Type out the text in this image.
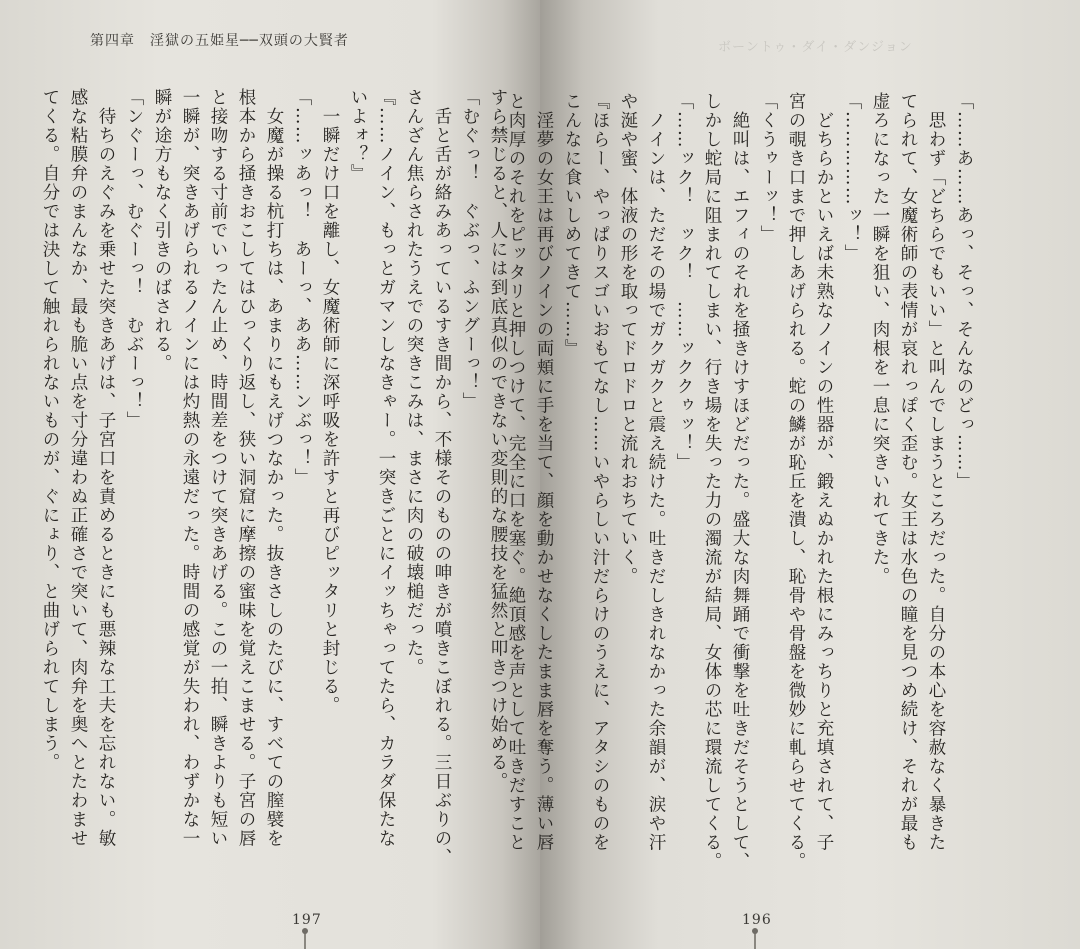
第四章　淫獄の五姫星──双頭の大賢者	ボーントゥ・ダイ・ダンジョン

すら禁じると、人には到底真似のできない変則的な腰技を猛然と叩きつけ始める。

「むぐっ！　ぐぶっ、ふングーっ！」

　舌と舌が絡みあっているすき間から、不様そのものの呻きが噴きこぼれる。三日ぶりの、

さんざん焦らされたうえでの突きこみは、まさに肉の破壊槌だった。

『……ノイン、もっとガマンしなきゃー。一突きごとにイッちゃってたら、カラダ保たな

いよォ？』

　一瞬だけ口を離し、女魔術師に深呼吸を許すと再びピッタリと封じる。

「……ッあっ！　あーっ、ああ……ンぶっ！」

　女魔が操る杭打ちは、あまりにもえげつなかった。抜きさしのたびに、すべての膣襞を

根本から掻きおこしてはひっくり返し、狭い洞窟に摩擦の蜜味を覚えこませる。子宮の唇

と接吻する寸前でいったん止め、時間差をつけて突きあげる。この一拍、瞬きよりも短い

一瞬が、突きあげられるノインには灼熱の永遠だった。時間の感覚が失われ、わずかな一

瞬が途方もなく引きのばされる。

「ンぐーっ、むぐーっ！　むぶーっ！」

　待ちのえぐみを乗せた突きあげは、子宮口を責めるときにも悪辣な工夫を忘れない。敏

感な粘膜弁のまんなか、最も脆い点を寸分違わぬ正確さで突いて、肉弁を奥へとたわませ

てくる。自分では決して触れられないものが、ぐにょり、と曲げられてしまう。	「……あ……あっ、そっ、そんなのどっ……」

　思わず「どちらでもいい」と叫んでしまうところだった。自分の本心を容赦なく暴きた

てられて、女魔術師の表情が哀れっぽく歪む。女王は水色の瞳を見つめ続け、それが最も

虚ろになった一瞬を狙い、肉根を一息に突きいれてきた。

「……………ッ！」

　どちらかといえば未熟なノインの性器が、鍛えぬかれた根にみっちりと充填されて、子

宮の覗き口まで押しあげられる。蛇の鱗が恥丘を潰し、恥骨や骨盤を微妙に軋らせてくる。

「くうゥーッ！」

　絶叫は、エフィのそれを掻きけすほどだった。盛大な肉舞踊で衝撃を吐きだそうとして、

しかし蛇局に阻まれてしまい、行き場を失った力の濁流が結局、女体の芯に環流してくる。

「……ック！　ック！　……ッククゥッ！」

　ノインは、ただその場でガクガクと震え続けた。吐きだしきれなかった余韻が、涙や汗

や涎や蜜、体液の形を取ってドロドロと流れおちていく。

『ほらー、やっぱりスゴいおもてなし……いやらしい汁だらけのうえに、アタシのものを

こんなに食いしめてきて……』

　淫夢の女王は再びノインの両頬に手を当て、顔を動かせなくしたまま唇を奪う。薄い唇

と肉厚のそれをピッタリと押しつけて、完全に口を塞ぐ。絶頂感を声として吐きだすこと

197	196
